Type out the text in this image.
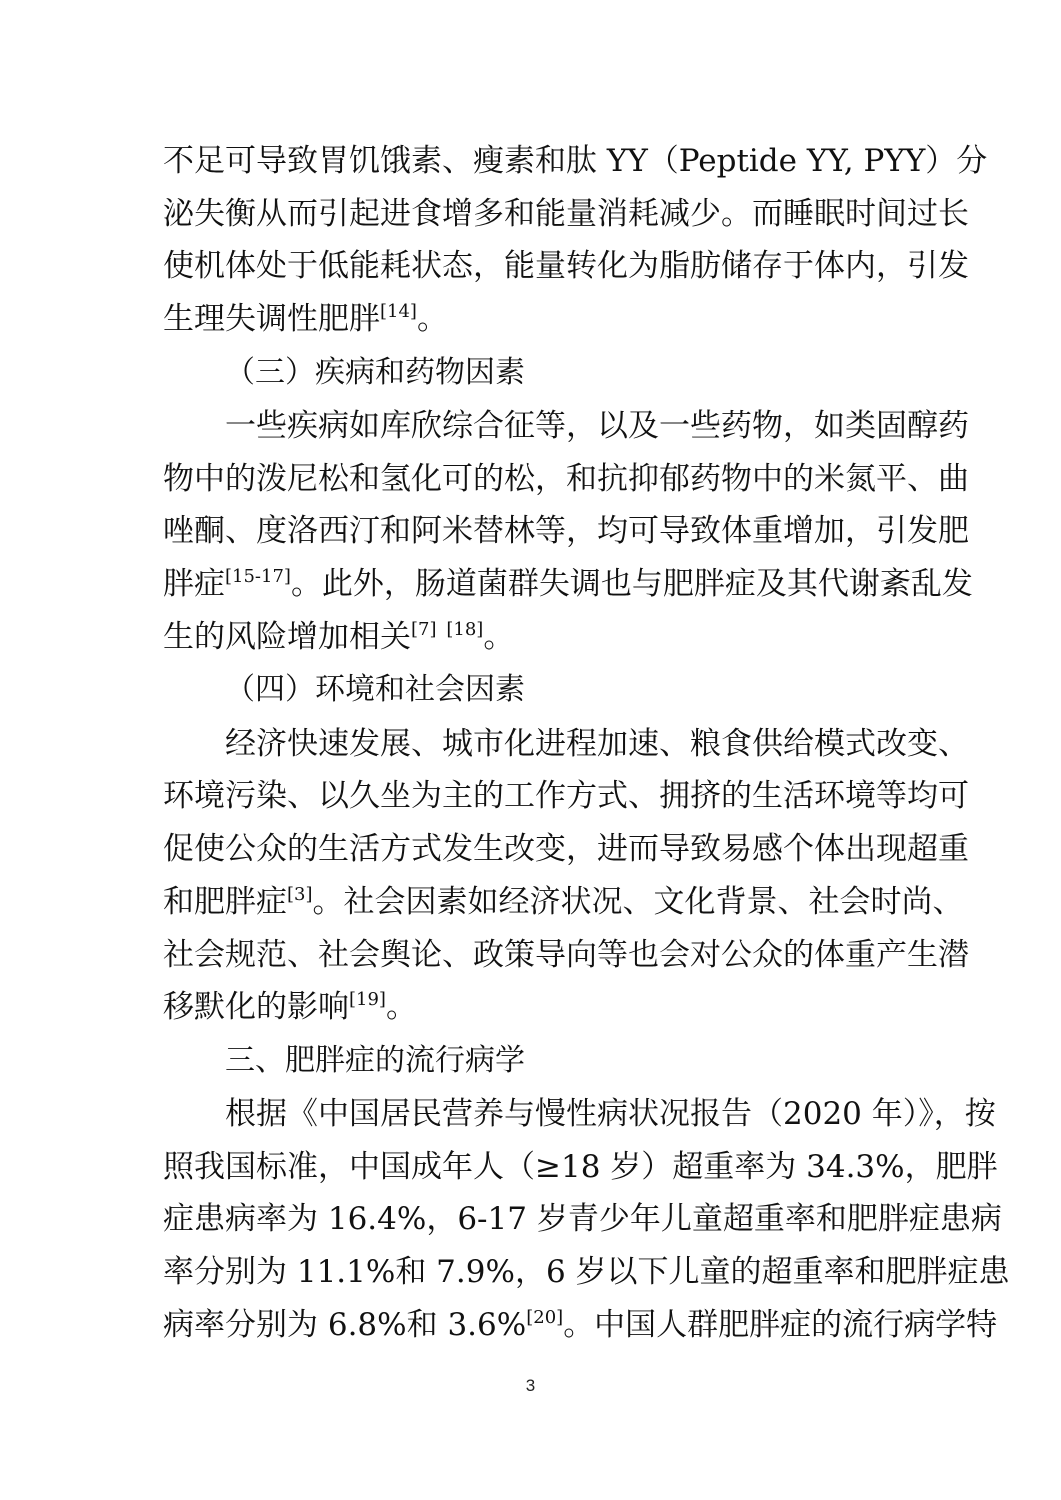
不足可导致胃饥饿素、瘦素和肽 YY（Peptide YY, PYY）分
泌失衡从而引起进食增多和能量消耗减少。而睡眠时间过长
使机体处于低能耗状态，能量转化为脂肪储存于体内，引发
生理失调性肥胖[14]。
（三）疾病和药物因素
一些疾病如库欣综合征等，以及一些药物，如类固醇药
物中的泼尼松和氢化可的松，和抗抑郁药物中的米氮平、曲
唑酮、度洛西汀和阿米替林等，均可导致体重增加，引发肥
胖症[15-17]。此外，肠道菌群失调也与肥胖症及其代谢紊乱发
生的风险增加相关[7] [18]。
（四）环境和社会因素
经济快速发展、城市化进程加速、粮食供给模式改变、
环境污染、以久坐为主的工作方式、拥挤的生活环境等均可
促使公众的生活方式发生改变，进而导致易感个体出现超重
和肥胖症[3]。社会因素如经济状况、文化背景、社会时尚、
社会规范、社会舆论、政策导向等也会对公众的体重产生潜
移默化的影响[19]。
三、肥胖症的流行病学
根据《中国居民营养与慢性病状况报告（2020 年）》，按
照我国标准，中国成年人（≥18 岁）超重率为 34.3%，肥胖
症患病率为 16.4%，6-17 岁青少年儿童超重率和肥胖症患病
率分别为 11.1%和 7.9%，6 岁以下儿童的超重率和肥胖症患
病率分别为 6.8%和 3.6%[20]。中国人群肥胖症的流行病学特
3
